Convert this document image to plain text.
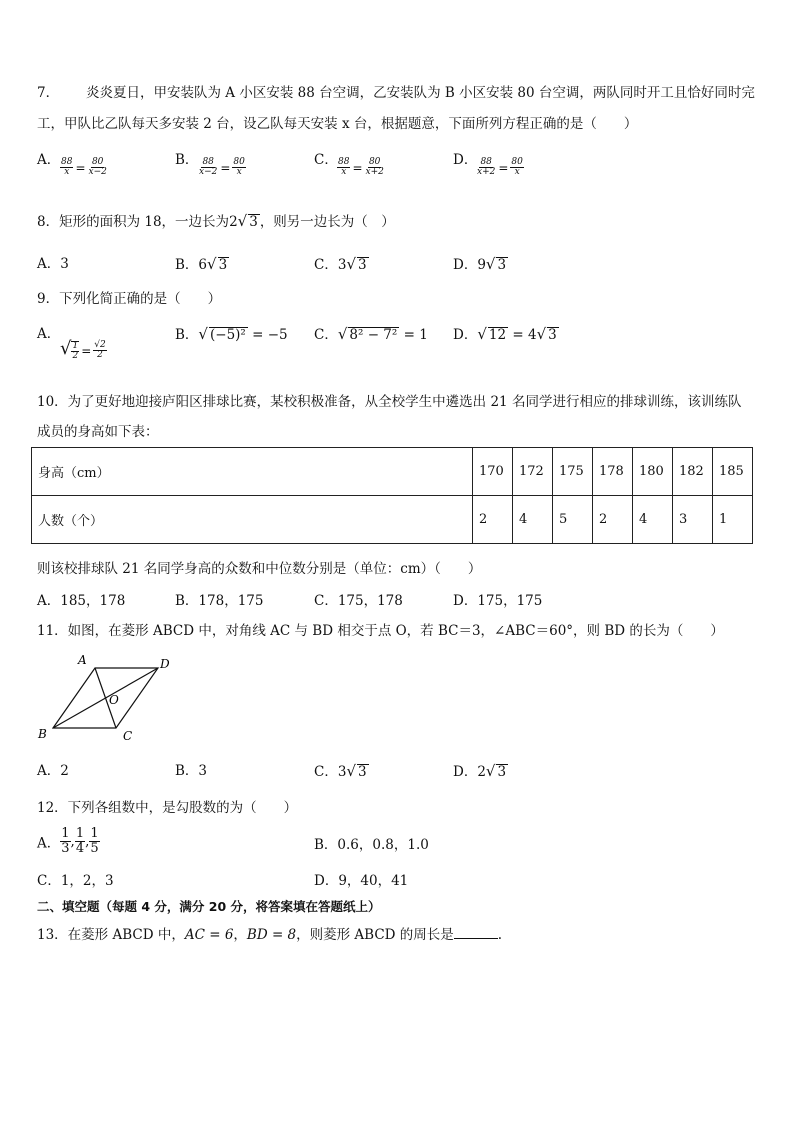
7． 炎炎夏日，甲安装队为 A 小区安装 88 台空调，乙安装队为 B 小区安装 80 台空调，两队同时开工且恰好同时完
工，甲队比乙队每天多安装 2 台，设乙队每天安装 x 台，根据题意，下面所列方程正确的是（　　）
A． $\frac{88}{x} = \frac{80}{x-2}$	B． $\frac{88}{x-2} = \frac{80}{x}$	C． $\frac{88}{x} = \frac{80}{x+2}$	D．
$\frac{88}{x+2} = \frac{80}{x}$
8．矩形的面积为 18，一边长为2√ 3 ，则另一边长为（　）
A．3	B．6√ 3	C．3√ 3	D．9√ 3
9．下列化简正确的是（　　）
A．
√ $\frac{1}{2} = \frac{√2}{2}$
B．√ (−5)² = −5 C．√ 8² − 7² = 1 D．√ 12 = 4√ 3
10．为了更好地迎接庐阳区排球比赛，某校积极准备，从全校学生中遴选出 21 名同学进行相应的排球训练，该训练队
成员的身高如下表：
身高（cm）	170	172	175	178	180	182	185
人数（个）	2	4	5	2	4	3	1
则该校排球队 21 名同学身高的众数和中位数分别是（单位：cm）（　　）
A．185，178	B．178，175	C．175，178	D．175，175
11．如图，在菱形 ABCD 中，对角线 AC 与 BD 相交于点 O，若 BC＝3，∠ABC＝60°，则 BD 的长为（　　）
A	D
B	C
O
A．2	B．3	C．3√ 3	D．2√ 3
12．下列各组数中，是勾股数的为（　　）
A． $\frac{1}{3}$ , $\frac{1}{4}$ , $\frac{1}{5}$	B．0.6，0.8，1.0
C．1，2，3	D．9，40，41
二、填空题（每题 4 分，满分 20 分，将答案填在答题纸上）
13．在菱形 ABCD 中，AC = 6，BD = 8，则菱形 ABCD 的周长是	.
